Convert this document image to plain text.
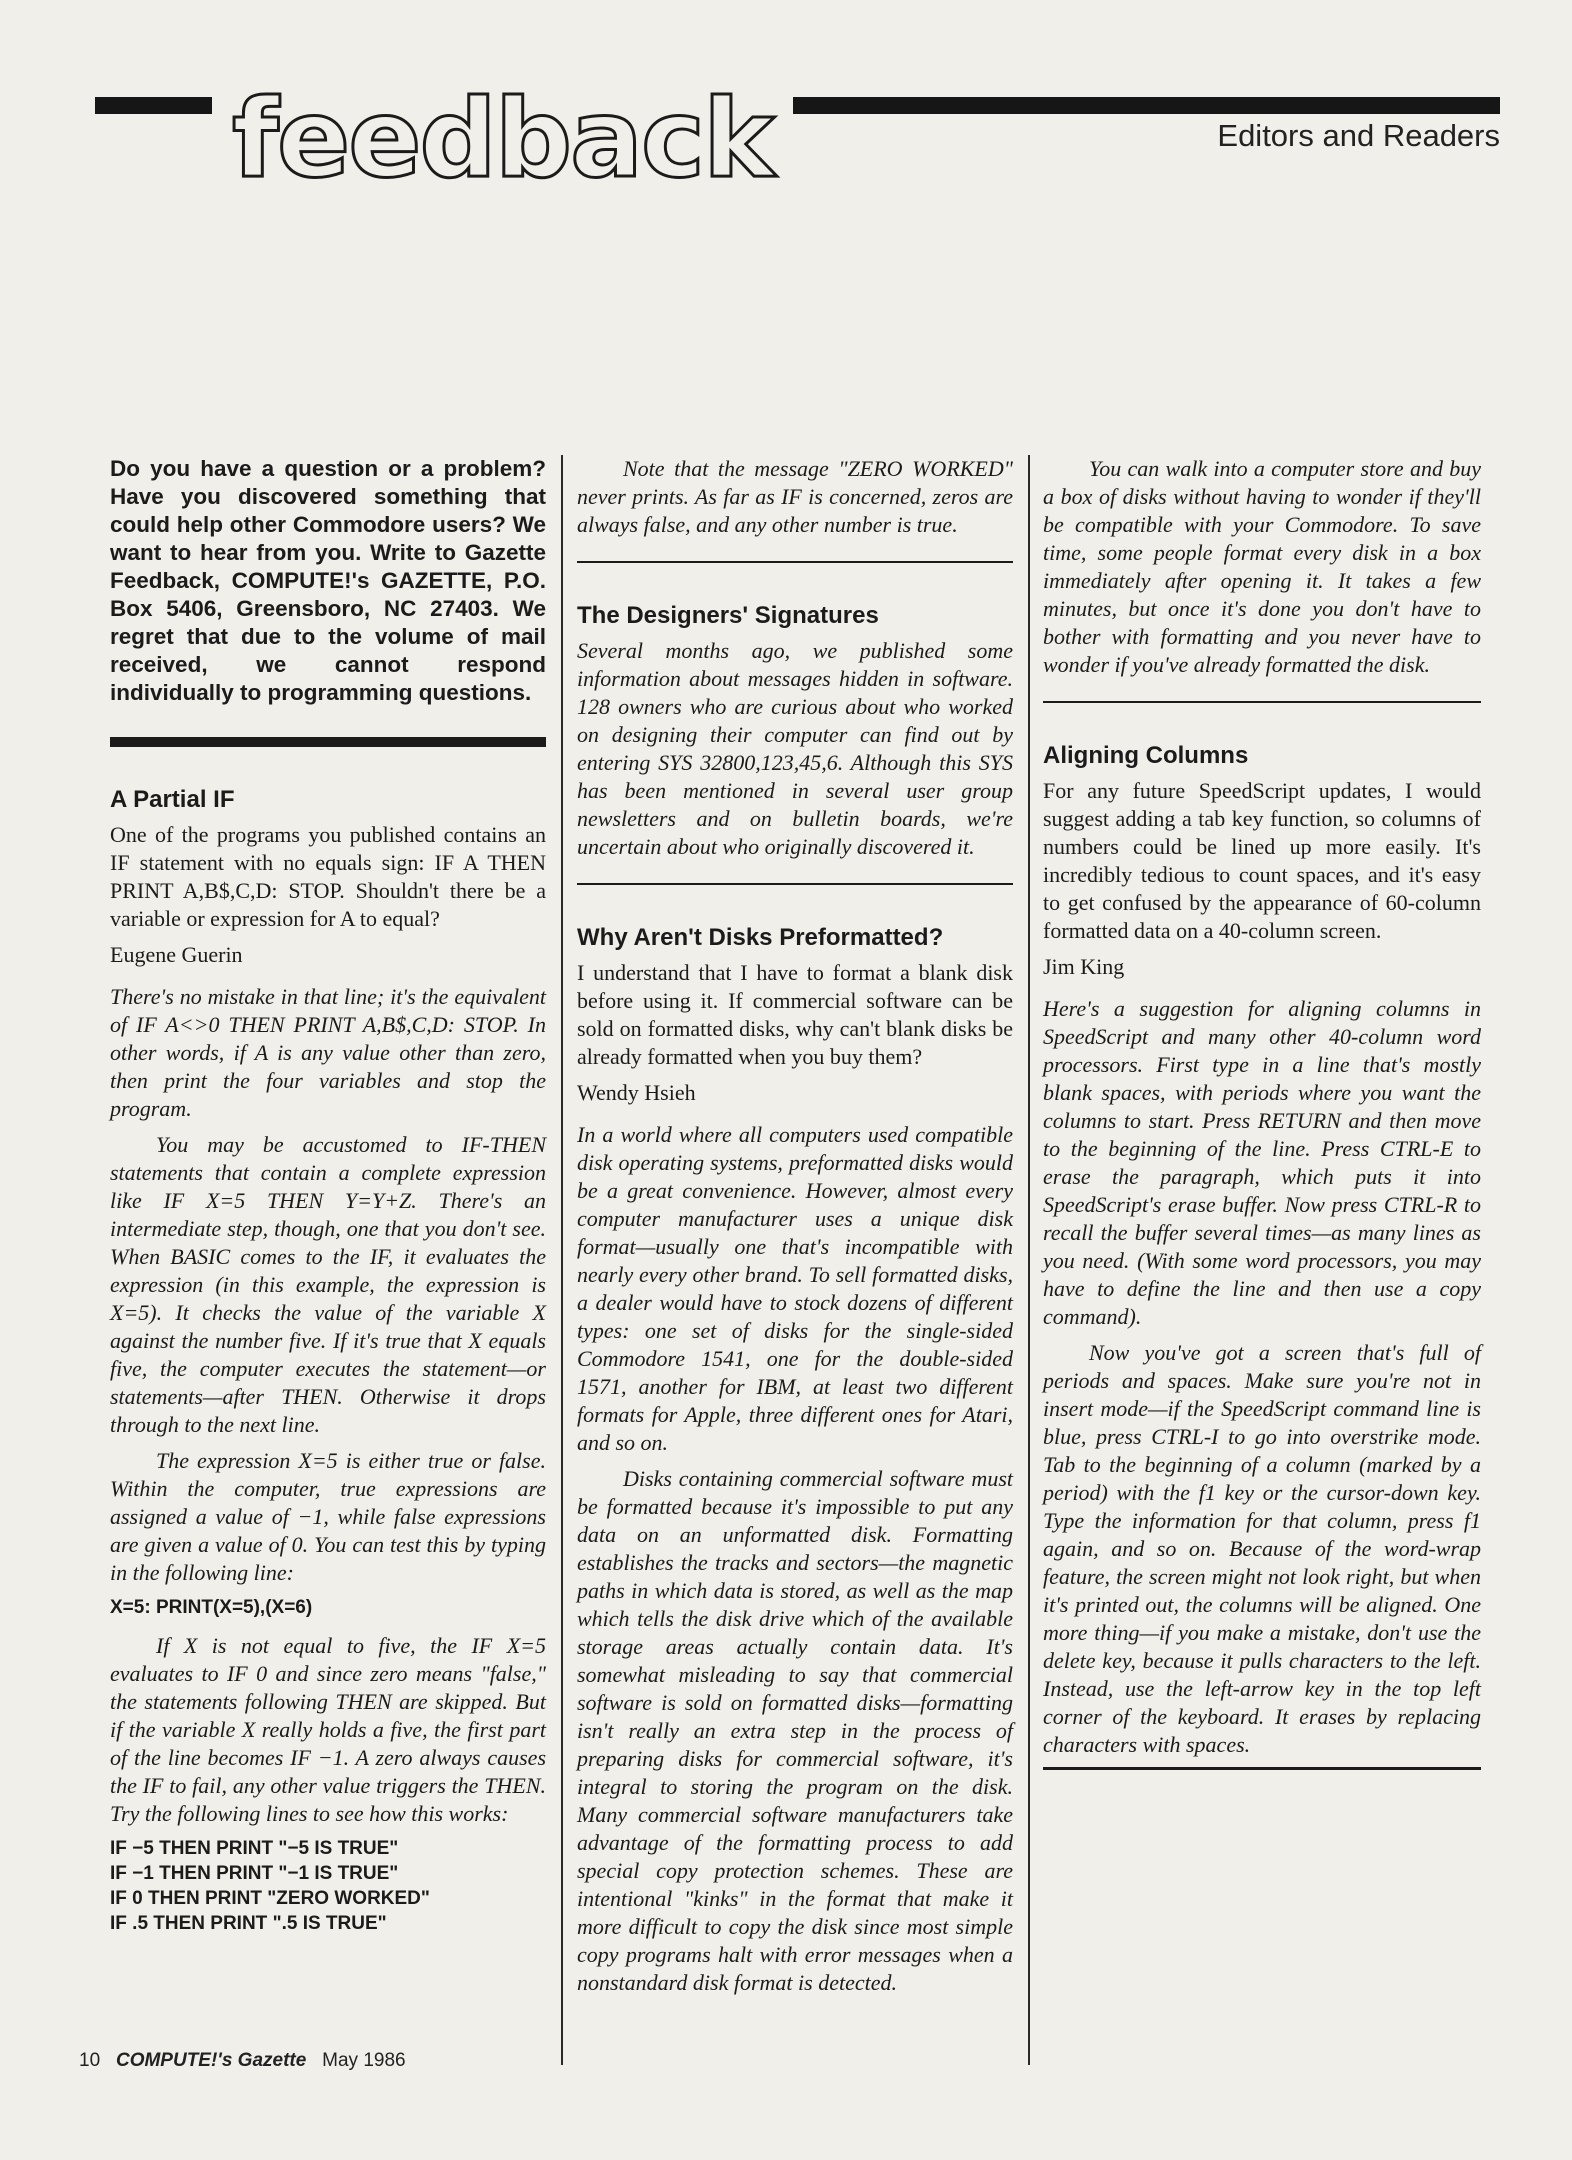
feedback	Editors and Readers

Do you have a question or a problem? Have you discovered something that could help other Commodore users? We want to hear from you. Write to Gazette Feedback, COMPUTE!'s GAZETTE, P.O. Box 5406, Greensboro, NC 27403. We regret that due to the volume of mail received, we cannot respond individually to programming questions.

A Partial IF

One of the programs you published contains an IF statement with no equals sign: IF A THEN PRINT A,B$,C,D: STOP. Shouldn't there be a variable or expression for A to equal?

Eugene Guerin

There's no mistake in that line; it's the equivalent of IF A<>0 THEN PRINT A,B$,C,D: STOP. In other words, if A is any value other than zero, then print the four variables and stop the program.

You may be accustomed to IF-THEN statements that contain a complete expression like IF X=5 THEN Y=Y+Z. There's an intermediate step, though, one that you don't see. When BASIC comes to the IF, it evaluates the expression (in this example, the expression is X=5). It checks the value of the variable X against the number five. If it's true that X equals five, the computer executes the statement—or statements—after THEN. Otherwise it drops through to the next line.

The expression X=5 is either true or false. Within the computer, true expressions are assigned a value of −1, while false expressions are given a value of 0. You can test this by typing in the following line:

X=5: PRINT(X=5),(X=6)

If X is not equal to five, the IF X=5 evaluates to IF 0 and since zero means "false," the statements following THEN are skipped. But if the variable X really holds a five, the first part of the line becomes IF −1. A zero always causes the IF to fail, any other value triggers the THEN. Try the following lines to see how this works:

IF −5 THEN PRINT "−5 IS TRUE"
IF −1 THEN PRINT "−1 IS TRUE"
IF 0 THEN PRINT "ZERO WORKED"
IF .5 THEN PRINT ".5 IS TRUE"

Note that the message "ZERO WORKED" never prints. As far as IF is concerned, zeros are always false, and any other number is true.

The Designers' Signatures

Several months ago, we published some information about messages hidden in software. 128 owners who are curious about who worked on designing their computer can find out by entering SYS 32800,123,45,6. Although this SYS has been mentioned in several user group newsletters and on bulletin boards, we're uncertain about who originally discovered it.

Why Aren't Disks Preformatted?

I understand that I have to format a blank disk before using it. If commercial software can be sold on formatted disks, why can't blank disks be already formatted when you buy them?

Wendy Hsieh

In a world where all computers used compatible disk operating systems, preformatted disks would be a great convenience. However, almost every computer manufacturer uses a unique disk format—usually one that's incompatible with nearly every other brand. To sell formatted disks, a dealer would have to stock dozens of different types: one set of disks for the single-sided Commodore 1541, one for the double-sided 1571, another for IBM, at least two different formats for Apple, three different ones for Atari, and so on.

Disks containing commercial software must be formatted because it's impossible to put any data on an unformatted disk. Formatting establishes the tracks and sectors—the magnetic paths in which data is stored, as well as the map which tells the disk drive which of the available storage areas actually contain data. It's somewhat misleading to say that commercial software is sold on formatted disks—formatting isn't really an extra step in the process of preparing disks for commercial software, it's integral to storing the program on the disk. Many commercial software manufacturers take advantage of the formatting process to add special copy protection schemes. These are intentional "kinks" in the format that make it more difficult to copy the disk since most simple copy programs halt with error messages when a nonstandard disk format is detected.

You can walk into a computer store and buy a box of disks without having to wonder if they'll be compatible with your Commodore. To save time, some people format every disk in a box immediately after opening it. It takes a few minutes, but once it's done you don't have to bother with formatting and you never have to wonder if you've already formatted the disk.

Aligning Columns

For any future SpeedScript updates, I would suggest adding a tab key function, so columns of numbers could be lined up more easily. It's incredibly tedious to count spaces, and it's easy to get confused by the appearance of 60-column formatted data on a 40-column screen.

Jim King

Here's a suggestion for aligning columns in SpeedScript and many other 40-column word processors. First type in a line that's mostly blank spaces, with periods where you want the columns to start. Press RETURN and then move to the beginning of the line. Press CTRL-E to erase the paragraph, which puts it into SpeedScript's erase buffer. Now press CTRL-R to recall the buffer several times—as many lines as you need. (With some word processors, you may have to define the line and then use a copy command).

Now you've got a screen that's full of periods and spaces. Make sure you're not in insert mode—if the SpeedScript command line is blue, press CTRL-I to go into overstrike mode. Tab to the beginning of a column (marked by a period) with the f1 key or the cursor-down key. Type the information for that column, press f1 again, and so on. Because of the word-wrap feature, the screen might not look right, but when it's printed out, the columns will be aligned. One more thing—if you make a mistake, don't use the delete key, because it pulls characters to the left. Instead, use the left-arrow key in the top left corner of the keyboard. It erases by replacing characters with spaces.

10 COMPUTE!'s Gazette May 1986
